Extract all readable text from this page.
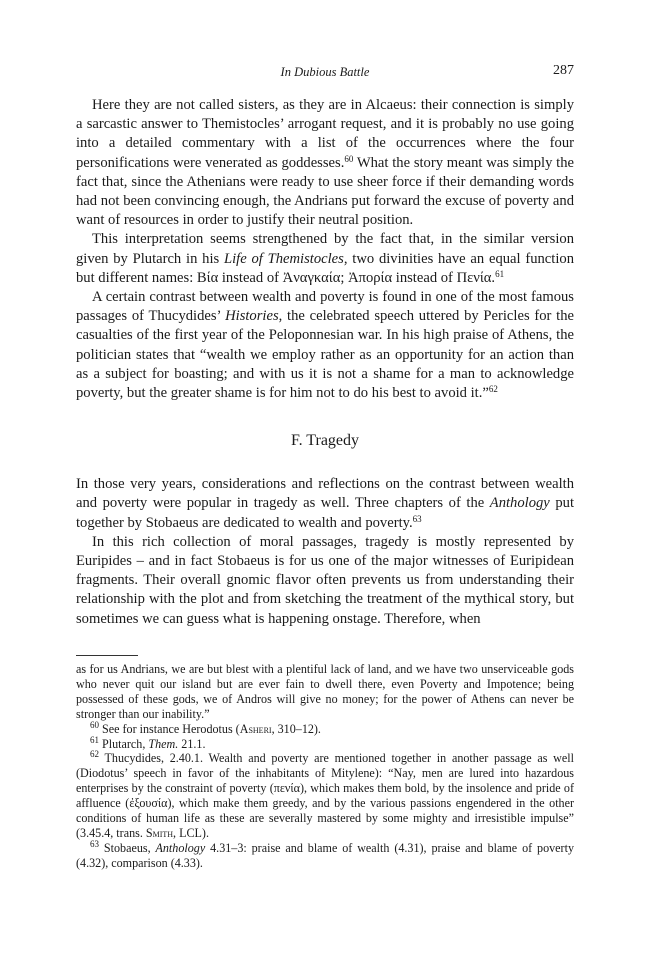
In Dubious Battle	287

Here they are not called sisters, as they are in Alcaeus: their connection is simply a sarcastic answer to Themistocles’ arrogant request, and it is probably no use going into a detailed commentary with a list of the occurrences where the four personifications were venerated as goddesses.$^{60}$ What the story meant was simply the fact that, since the Athenians were ready to use sheer force if their demanding words had not been convincing enough, the Andrians put forward the excuse of poverty and want of resources in order to justify their neutral position.

This interpretation seems strengthened by the fact that, in the similar version given by Plutarch in his Life of Themistocles, two divinities have an equal function but different names: Βία instead of Ἀναγκαία; Ἀπορία instead of Πενία.$^{61}$

A certain contrast between wealth and poverty is found in one of the most famous passages of Thucydides’ Histories, the celebrated speech uttered by Pericles for the casualties of the first year of the Peloponnesian war. In his high praise of Athens, the politician states that “wealth we employ rather as an opportunity for an action than as a subject for boasting; and with us it is not a shame for a man to acknowledge poverty, but the greater shame is for him not to do his best to avoid it.”$^{62}$

F. Tragedy

In those very years, considerations and reflections on the contrast between wealth and poverty were popular in tragedy as well. Three chapters of the Anthology put together by Stobaeus are dedicated to wealth and poverty.$^{63}$

In this rich collection of moral passages, tragedy is mostly represented by Euripides – and in fact Stobaeus is for us one of the major witnesses of Euripidean fragments. Their overall gnomic flavor often prevents us from understanding their relationship with the plot and from sketching the treatment of the mythical story, but sometimes we can guess what is happening onstage. Therefore, when

as for us Andrians, we are but blest with a plentiful lack of land, and we have two unserviceable gods who never quit our island but are ever fain to dwell there, even Poverty and Impotence; being possessed of these gods, we of Andros will give no money; for the power of Athens can never be stronger than our inability.”

$^{60}$ See for instance Herodotus (Asheri, 310–12).

$^{61}$ Plutarch, Them. 21.1.

$^{62}$ Thucydides, 2.40.1. Wealth and poverty are mentioned together in another passage as well (Diodotus’ speech in favor of the inhabitants of Mitylene): “Nay, men are lured into hazardous enterprises by the constraint of poverty (πενία), which makes them bold, by the insolence and pride of affluence (ἐξουσία), which make them greedy, and by the various passions engendered in the other conditions of human life as these are severally mastered by some mighty and irresistible impulse” (3.45.4, trans. Smith, LCL).

$^{63}$ Stobaeus, Anthology 4.31–3: praise and blame of wealth (4.31), praise and blame of poverty (4.32), comparison (4.33).
